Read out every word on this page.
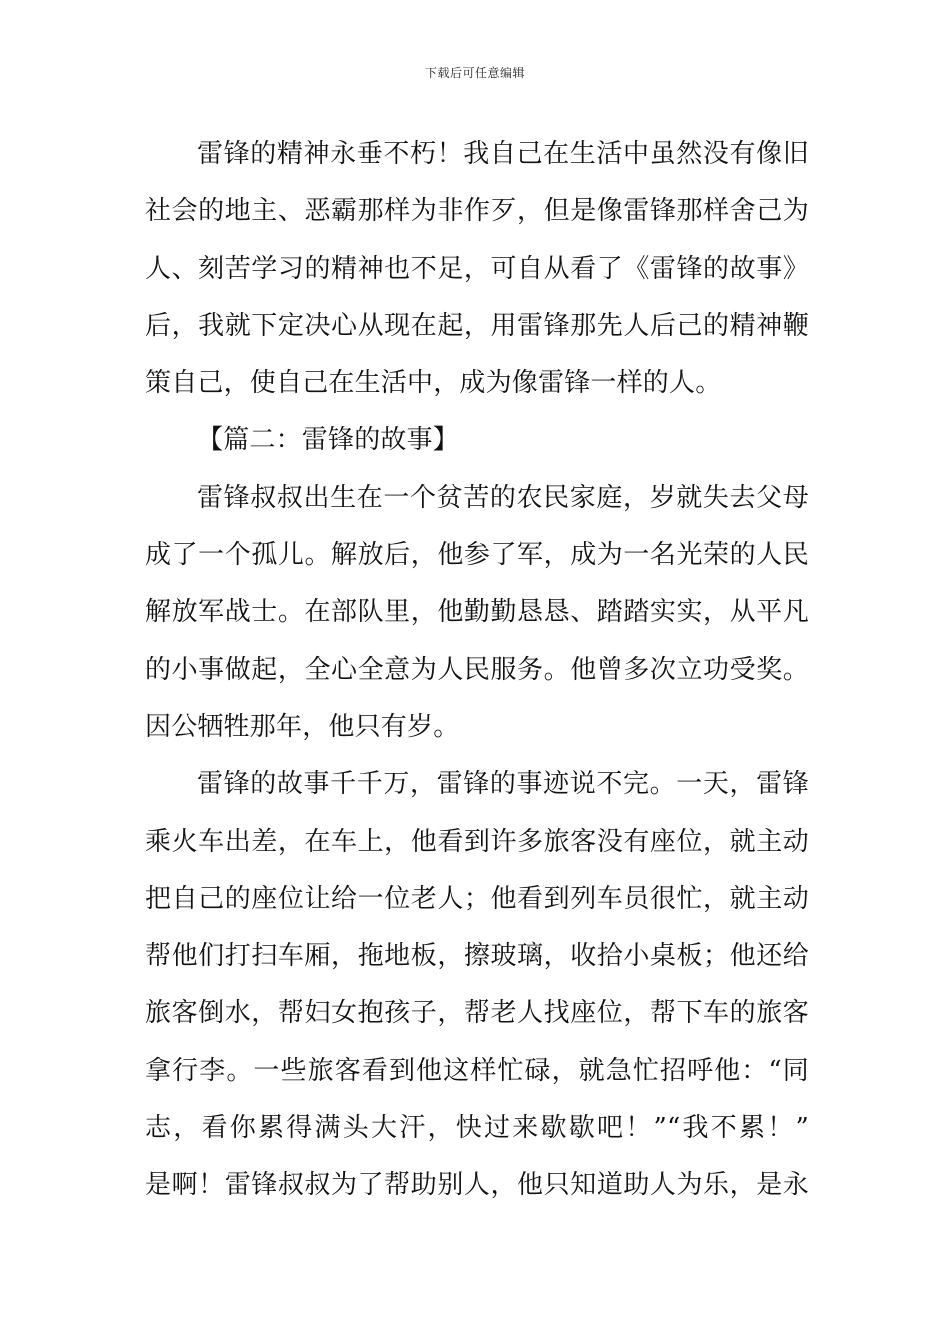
下载后可任意编辑
雷锋的精神永垂不朽！我自己在生活中虽然没有像旧
社会的地主、恶霸那样为非作歹，但是像雷锋那样舍己为
人、刻苦学习的精神也不足，可自从看了《雷锋的故事》
后，我就下定决心从现在起，用雷锋那先人后己的精神鞭
策自己，使自己在生活中，成为像雷锋一样的人。
【篇二：雷锋的故事】
雷锋叔叔出生在一个贫苦的农民家庭，岁就失去父母
成了一个孤儿。解放后，他参了军，成为一名光荣的人民
解放军战士。在部队里，他勤勤恳恳、踏踏实实，从平凡
的小事做起，全心全意为人民服务。他曾多次立功受奖。
因公牺牲那年，他只有岁。
雷锋的故事千千万，雷锋的事迹说不完。一天，雷锋
乘火车出差，在车上，他看到许多旅客没有座位，就主动
把自己的座位让给一位老人；他看到列车员很忙，就主动
帮他们打扫车厢，拖地板，擦玻璃，收拾小桌板；他还给
旅客倒水，帮妇女抱孩子，帮老人找座位，帮下车的旅客
拿行李。一些旅客看到他这样忙碌，就急忙招呼他：“同
志，看你累得满头大汗，快过来歇歇吧！”“我不累！”
是啊！雷锋叔叔为了帮助别人，他只知道助人为乐，是永
